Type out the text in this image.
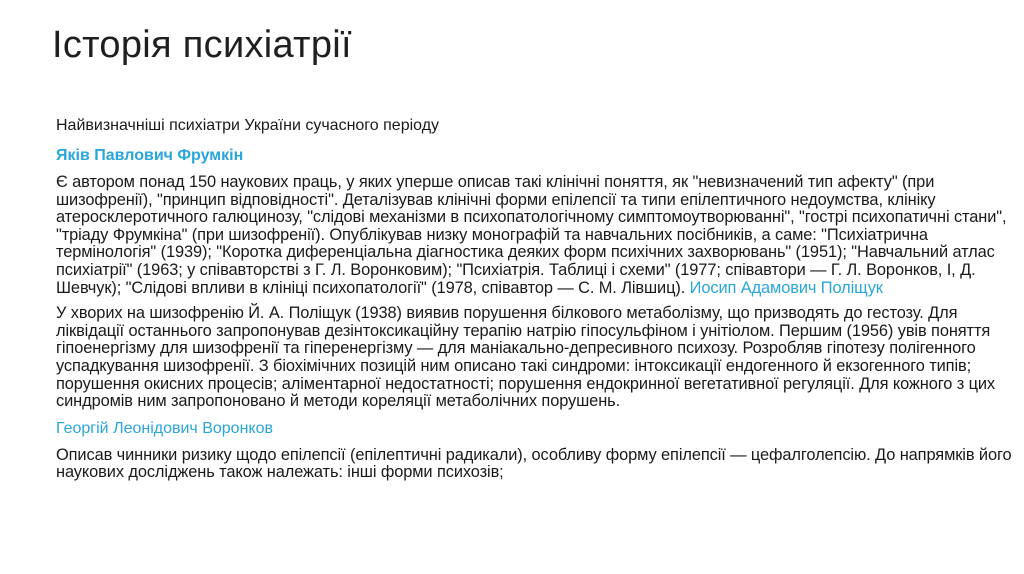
Історія психіатрії

Найвизначніші психіатри України сучасного періоду

Яків Павлович Фрумкін

Є автором понад 150 наукових праць, у яких уперше описав такі клінічні поняття, як "невизначений тип афекту" (при шизофренії), "принцип відповідності". Деталізував клінічні форми епілепсії та типи епілептичного недоумства, клініку атеросклеротичного галюцинозу, "слідові механізми в психопатологічному симптомоутворюванні", "гострі психопатичні стани", "тріаду Фрумкіна" (при шизофренії). Опублікував низку монографій та навчальних посібників, а саме: "Психіатрична термінологія" (1939); "Коротка диференціальна діагностика деяких форм психічних захворювань" (1951); "Навчальний атлас психіатрії" (1963; у співавторстві з Г. Л. Воронковим); "Психіатрія. Таблиці і схеми" (1977; співавтори — Г. Л. Воронков, І, Д. Шевчук); "Слідові впливи в клініці психопатології" (1978, співавтор — С. М. Лівшиц). Иосип Адамович Поліщук

У хворих на шизофренію Й. А. Поліщук (1938) виявив порушення білкового метаболізму, що призводять до гестозу. Для ліквідації останнього запропонував дезінтоксикаційну терапію натрію гіпосульфіном і унітіолом. Першим (1956) увів поняття гіпоенергізму для шизофренії та гіперенергізму — для маніакально-депресивного психозу. Розробляв гіпотезу полігенного успадкування шизофренії. З біохімічних позицій ним описано такі синдроми: інтоксикації ендогенного й екзогенного типів; порушення окисних процесів; аліментарної недостатності; порушення ендокринної вегетативної регуляції. Для кожного з цих синдромів ним запропоновано й методи кореляції метаболічних порушень.

Георгій Леонідович Воронков

Описав чинники ризику щодо епілепсії (епілептичні радикали), особливу форму епілепсії — цефалголепсію. До напрямків його наукових досліджень також належать: інші форми психозів;
